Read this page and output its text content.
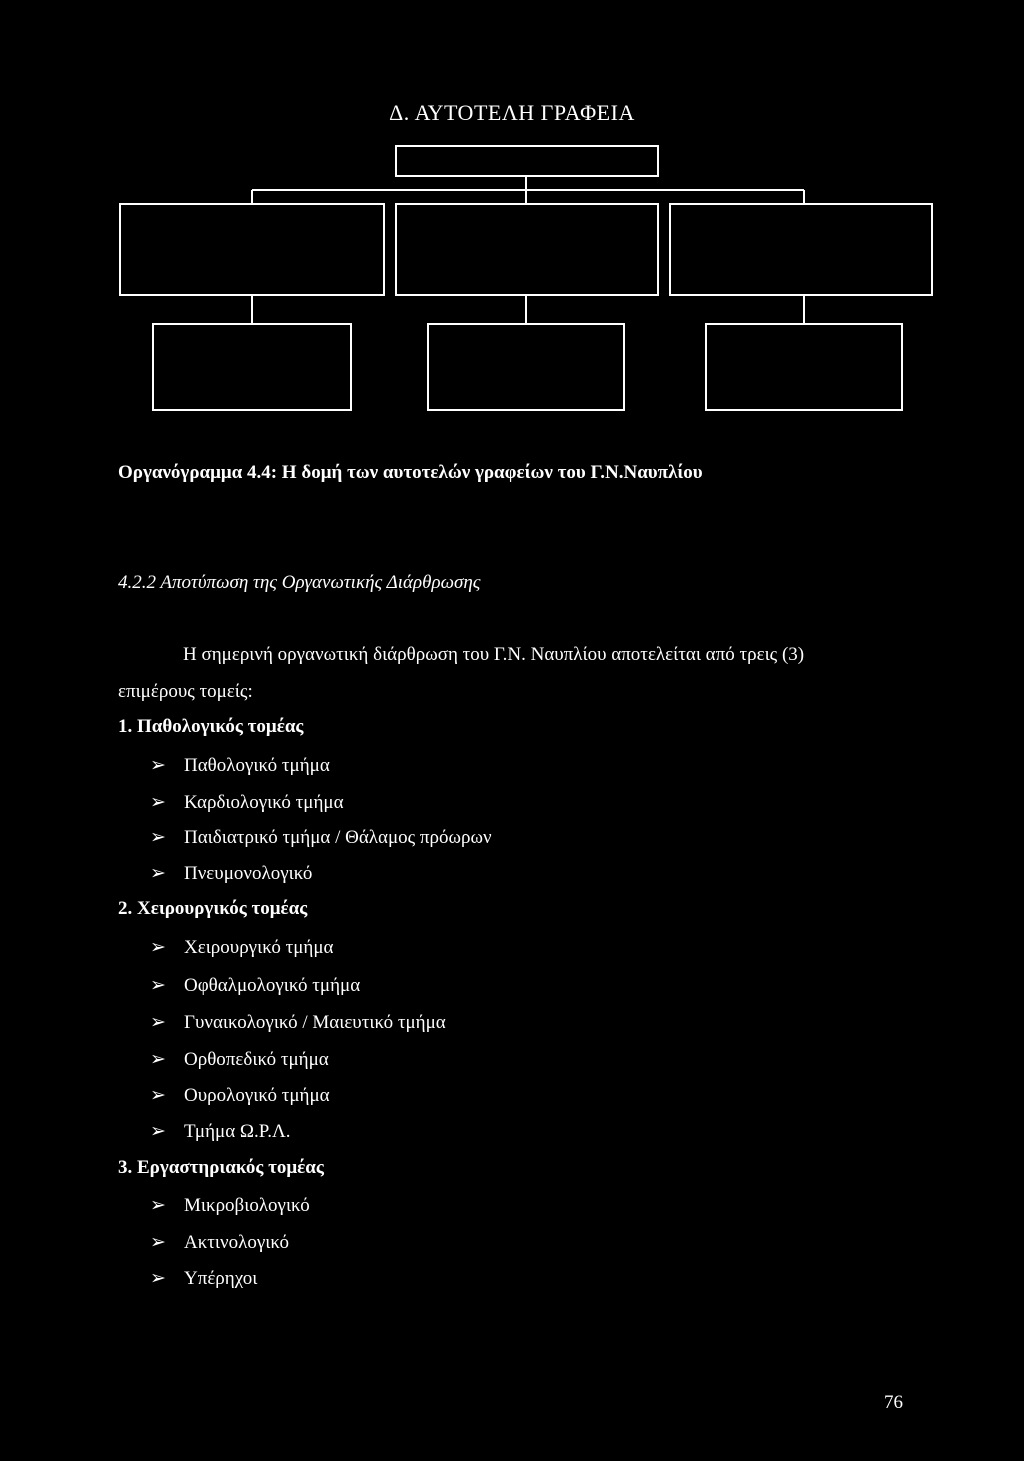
Δ. ΑΥΤΟΤΕΛΗ ΓΡΑΦΕΙΑ
Οργανόγραμμα 4.4: Η δομή των αυτοτελών γραφείων του Γ.Ν.Ναυπλίου
4.2.2 Αποτύπωση της Οργανωτικής Διάρθρωσης
Η σημερινή οργανωτική διάρθρωση του Γ.Ν. Ναυπλίου αποτελείται από τρεις (3)
επιμέρους τομείς:
1. Παθολογικός τομέας
➢ Παθολογικό τμήμα
➢ Καρδιολογικό τμήμα
➢ Παιδιατρικό τμήμα / Θάλαμος πρόωρων
➢ Πνευμονολογικό
2. Χειρουργικός τομέας
➢ Χειρουργικό τμήμα
➢ Οφθαλμολογικό τμήμα
➢ Γυναικολογικό / Μαιευτικό τμήμα
➢ Ορθοπεδικό τμήμα
➢ Ουρολογικό τμήμα
➢ Τμήμα Ω.Ρ.Λ.
3. Εργαστηριακός τομέας
➢ Μικροβιολογικό
➢ Ακτινολογικό
➢ Υπέρηχοι
76
